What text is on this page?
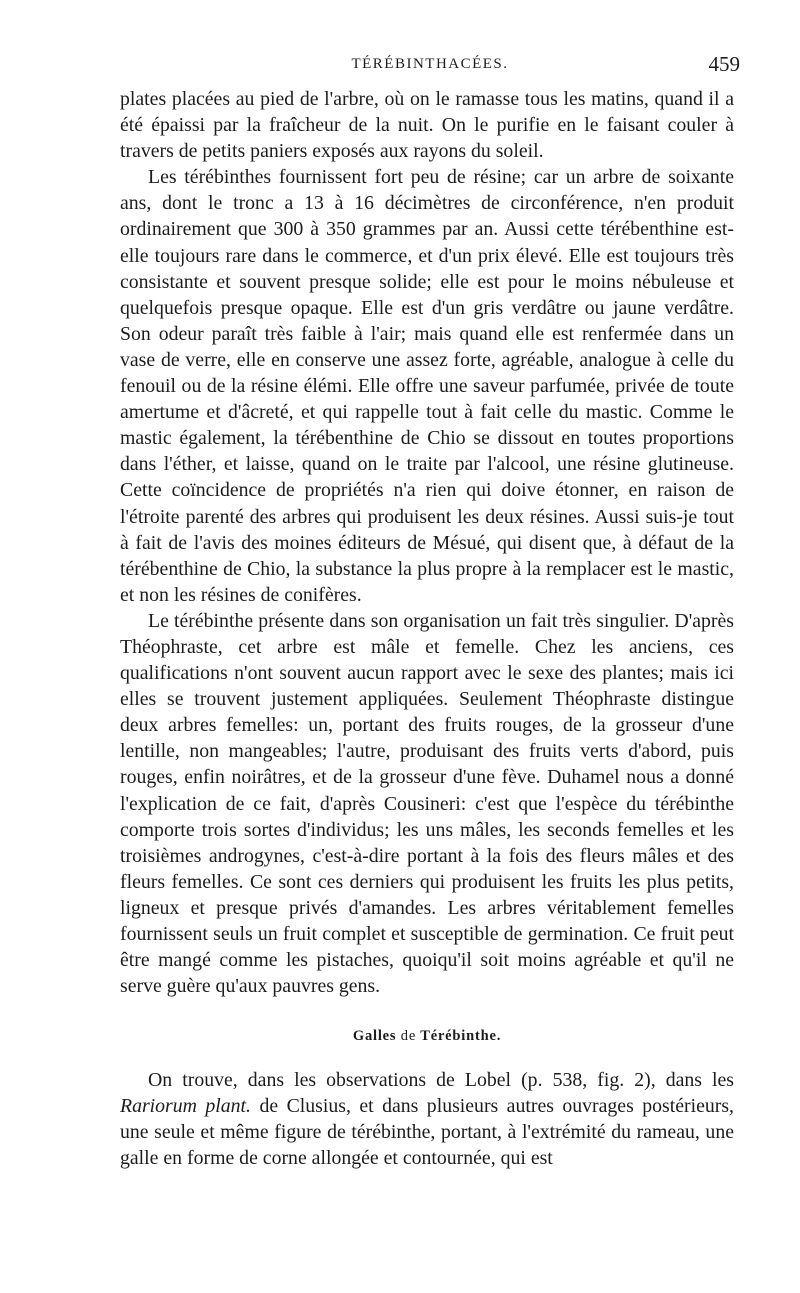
TÉRÉBINTHACÉES.	459

plates placées au pied de l'arbre, où on le ramasse tous les matins, quand il a été épaissi par la fraîcheur de la nuit. On le purifie en le faisant couler à travers de petits paniers exposés aux rayons du soleil.

Les térébinthes fournissent fort peu de résine; car un arbre de soixante ans, dont le tronc a 13 à 16 décimètres de circonférence, n'en produit ordinairement que 300 à 350 grammes par an. Aussi cette térébenthine est-elle toujours rare dans le commerce, et d'un prix élevé. Elle est toujours très consistante et souvent presque solide; elle est pour le moins nébuleuse et quelquefois presque opaque. Elle est d'un gris verdâtre ou jaune verdâtre. Son odeur paraît très faible à l'air; mais quand elle est renfermée dans un vase de verre, elle en conserve une assez forte, agréable, analogue à celle du fenouil ou de la résine élémi. Elle offre une saveur parfumée, privée de toute amertume et d'âcreté, et qui rappelle tout à fait celle du mastic. Comme le mastic également, la térébenthine de Chio se dissout en toutes proportions dans l'éther, et laisse, quand on le traite par l'alcool, une résine glutineuse. Cette coïncidence de propriétés n'a rien qui doive étonner, en raison de l'étroite parenté des arbres qui produisent les deux résines. Aussi suis-je tout à fait de l'avis des moines éditeurs de Mésué, qui disent que, à défaut de la térébenthine de Chio, la substance la plus propre à la remplacer est le mastic, et non les résines de conifères.

Le térébinthe présente dans son organisation un fait très singulier. D'après Théophraste, cet arbre est mâle et femelle. Chez les anciens, ces qualifications n'ont souvent aucun rapport avec le sexe des plantes; mais ici elles se trouvent justement appliquées. Seulement Théophraste distingue deux arbres femelles: un, portant des fruits rouges, de la grosseur d'une lentille, non mangeables; l'autre, produisant des fruits verts d'abord, puis rouges, enfin noirâtres, et de la grosseur d'une fève. Duhamel nous a donné l'explication de ce fait, d'après Cousineri: c'est que l'espèce du térébinthe comporte trois sortes d'individus; les uns mâles, les seconds femelles et les troisièmes androgynes, c'est-à-dire portant à la fois des fleurs mâles et des fleurs femelles. Ce sont ces derniers qui produisent les fruits les plus petits, ligneux et presque privés d'amandes. Les arbres véritablement femelles fournissent seuls un fruit complet et susceptible de germination. Ce fruit peut être mangé comme les pistaches, quoiqu'il soit moins agréable et qu'il ne serve guère qu'aux pauvres gens.

Galles de Térébinthe.

On trouve, dans les observations de Lobel (p. 538, fig. 2), dans les Rariorum plant. de Clusius, et dans plusieurs autres ouvrages postérieurs, une seule et même figure de térébinthe, portant, à l'extrémité du rameau, une galle en forme de corne allongée et contournée, qui est
